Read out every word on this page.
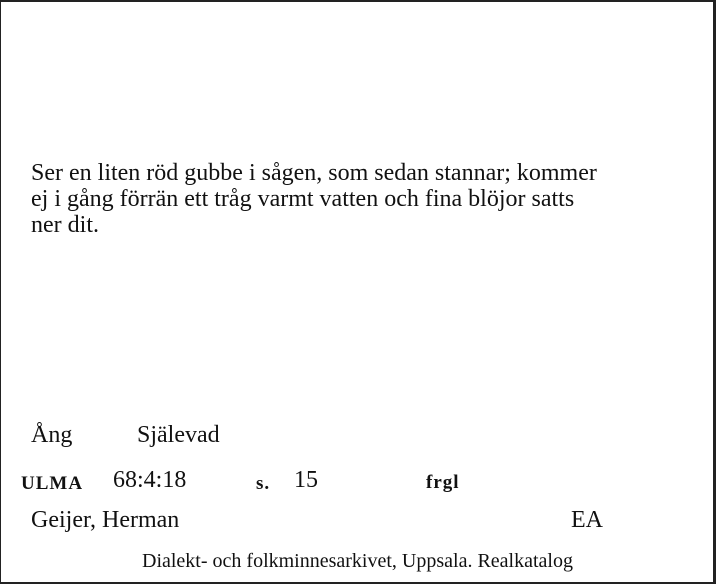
Ser en liten röd gubbe i sågen, som sedan stannar; kommer
ej i gång förrän ett tråg varmt vatten och fina blöjor satts
ner dit.
Ång	Själevad
ULMA 68:4:18	s. 15	frgl
Geijer, Herman	EA
Dialekt- och folkminnesarkivet, Uppsala. Realkatalog
